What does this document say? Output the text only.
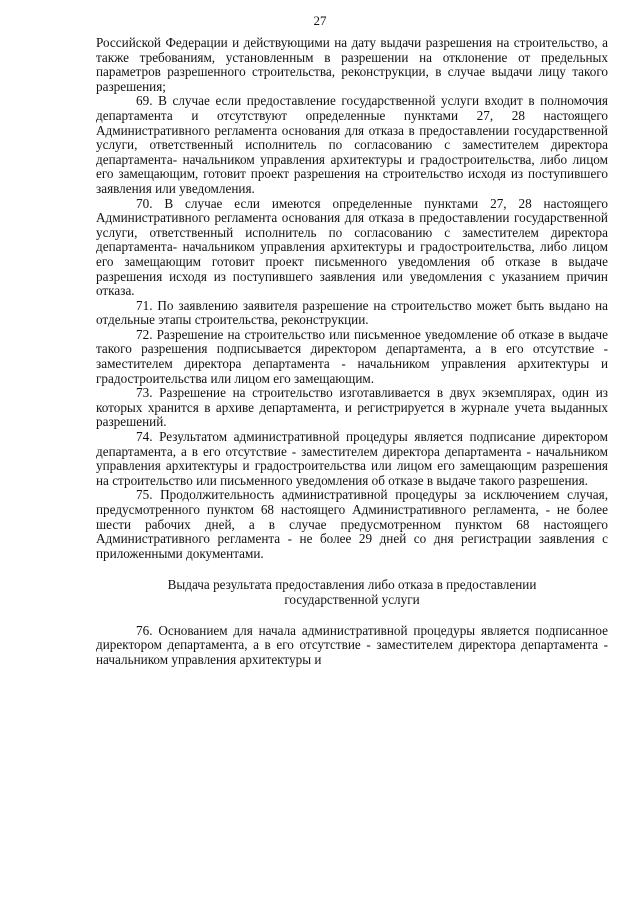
27

Российской Федерации и действующими на дату выдачи разрешения на строительство, а также требованиям, установленным в разрешении на отклонение от предельных параметров разрешенного строительства, реконструкции, в случае выдачи лицу такого разрешения;

69. В случае если предоставление государственной услуги входит в полномочия департамента и отсутствуют определенные пунктами 27, 28 настоящего Административного регламента основания для отказа в предоставлении государственной услуги, ответственный исполнитель по согласованию с заместителем директора департамента- начальником управления архитектуры и градостроительства, либо лицом его замещающим, готовит проект разрешения на строительство исходя из поступившего заявления или уведомления.

70. В случае если имеются определенные пунктами 27, 28 настоящего Административного регламента основания для отказа в предоставлении государственной услуги, ответственный исполнитель по согласованию с заместителем директора департамента- начальником управления архитектуры и градостроительства, либо лицом его замещающим готовит проект письменного уведомления об отказе в выдаче разрешения исходя из поступившего заявления или уведомления с указанием причин отказа.

71. По заявлению заявителя разрешение на строительство может быть выдано на отдельные этапы строительства, реконструкции.

72. Разрешение на строительство или письменное уведомление об отказе в выдаче такого разрешения подписывается директором департамента, а в его отсутствие - заместителем директора департамента - начальником управления архитектуры и градостроительства или лицом его замещающим.

73. Разрешение на строительство изготавливается в двух экземплярах, один из которых хранится в архиве департамента, и регистрируется в журнале учета выданных разрешений.

74. Результатом административной процедуры является подписание директором департамента, а в его отсутствие - заместителем директора департамента - начальником управления архитектуры и градостроительства или лицом его замещающим разрешения на строительство или письменного уведомления об отказе в выдаче такого разрешения.

75. Продолжительность административной процедуры за исключением случая, предусмотренного пунктом 68 настоящего Административного регламента, - не более шести рабочих дней, а в случае предусмотренном пунктом 68 настоящего Административного регламента - не более 29 дней со дня регистрации заявления с приложенными документами.

Выдача результата предоставления либо отказа в предоставлении
государственной услуги

76. Основанием для начала административной процедуры является подписанное директором департамента, а в его отсутствие - заместителем директора департамента - начальником управления архитектуры и
